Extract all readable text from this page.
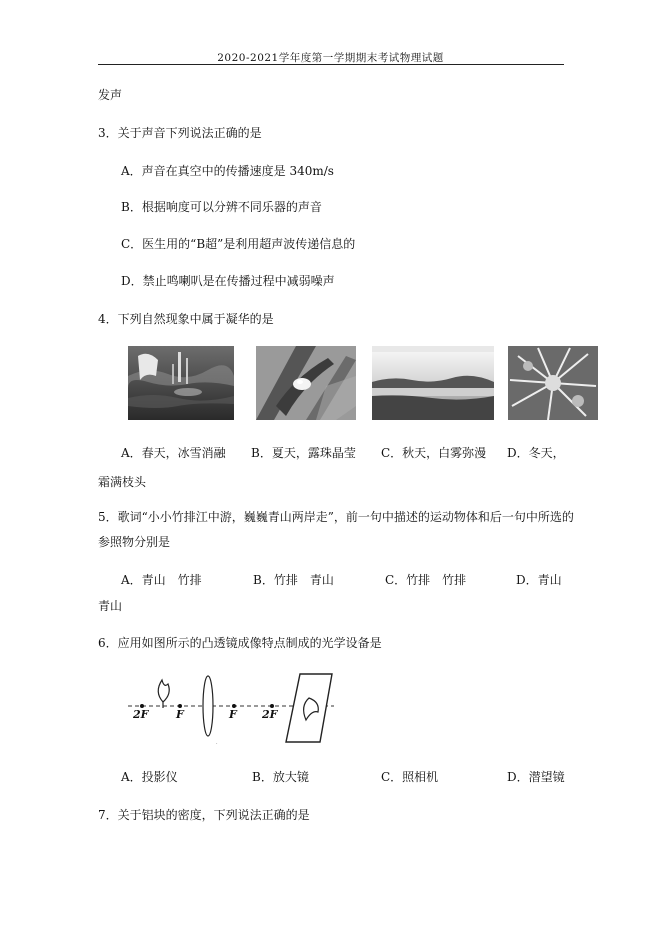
2020-2021学年度第一学期期末考试物理试题
发声
3．关于声音下列说法正确的是
A．声音在真空中的传播速度是 340m/s
B．根据响度可以分辨不同乐器的声音
C．医生用的“B超”是利用超声波传递信息的
D．禁止鸣喇叭是在传播过程中减弱噪声
4．下列自然现象中属于凝华的是
A．春天，冰雪消融 B．夏天，露珠晶莹 C．秋天，白雾弥漫 D．冬天，
霜满枝头
5．歌词“小小竹排江中游，巍巍青山两岸走”，前一句中描述的运动物体和后一句中所选的
参照物分别是
A．青山　竹排	B．竹排　青山	C．竹排　竹排	D．青山
青山
6．应用如图所示的凸透镜成像特点制成的光学设备是
·
2F	F	F 2F
A．投影仪	B．放大镜	C．照相机	D．潜望镜
7．关于铝块的密度，下列说法正确的是
